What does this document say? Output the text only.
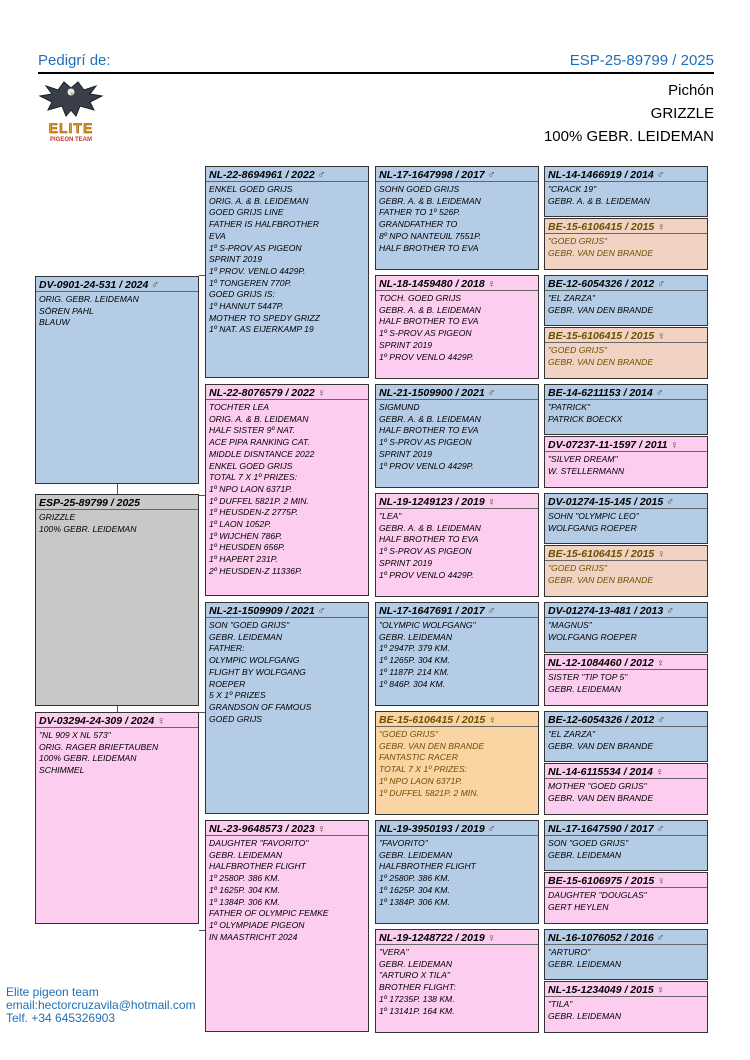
Pedigrí de:	ESP-25-89799 / 2025
Pichón
GRIZZLE
100% GEBR. LEIDEMAN
ELITE
PIGEON TEAM
DV-0901-24-531 / 2024 ♂
ORIG. GEBR. LEIDEMAN
SÖREN PAHL
BLAUW
ESP-25-89799 / 2025
GRIZZLE
100% GEBR. LEIDEMAN
DV-03294-24-309 / 2024 ♀
"NL 909 X NL 573"
ORIG. RAGER BRIEFTAUBEN
100% GEBR. LEIDEMAN
SCHIMMEL
NL-22-8694961 / 2022 ♂
ENKEL GOED GRIJS
ORIG. A. & B. LEIDEMAN
GOED GRIJS LINE
FATHER IS HALFBROTHER
EVA
1º S-PROV AS PIGEON
SPRINT 2019
1º PROV. VENLO 4429P.
1º TONGEREN 770P.
GOED GRIJS IS:
1º HANNUT 5447P.
MOTHER TO SPEDY GRIZZ
1º NAT. AS EIJERKAMP 19
NL-22-8076579 / 2022 ♀
TOCHTER LEA
ORIG. A. & B. LEIDEMAN
HALF SISTER 9º NAT.
ACE PIPA RANKING CAT.
MIDDLE DISNTANCE 2022
ENKEL GOED GRIJS
TOTAL 7 X 1º PRIZES:
1º NPO LAON 6371P.
1º DUFFEL 5821P. 2 MIN.
1º HEUSDEN-Z 2775P.
1º LAON 1052P.
1º WIJCHEN 786P.
1º HEUSDEN 656P.
1º HAPERT 231P.
2º HEUSDEN-Z 11336P.
NL-21-1509909 / 2021 ♂
SON "GOED GRIJS"
GEBR. LEIDEMAN
FATHER:
OLYMPIC WOLFGANG
FLIGHT BY WOLFGANG
ROEPER
5 X 1º PRIZES
GRANDSON OF FAMOUS
GOED GRIJS
NL-23-9648573 / 2023 ♀
DAUGHTER "FAVORITO"
GEBR. LEIDEMAN
HALFBROTHER FLIGHT
1º 2580P. 386 KM.
1º 1625P. 304 KM.
1º 1384P. 306 KM.
FATHER OF OLYMPIC FEMKE
1º OLYMPIADE PIGEON
IN MAASTRICHT 2024
NL-17-1647998 / 2017 ♂
SOHN GOED GRIJS
GEBR. A. & B. LEIDEMAN
FATHER TO 1º 526P.
GRANDFATHER TO
8º NPO NANTEUIL 7551P.
HALF BROTHER TO EVA
NL-18-1459480 / 2018 ♀
TOCH. GOED GRIJS
GEBR. A. & B. LEIDEMAN
HALF BROTHER TO EVA
1º S-PROV AS PIGEON
SPRINT 2019
1º PROV VENLO 4429P.
NL-21-1509900 / 2021 ♂
SIGMUND
GEBR. A. & B. LEIDEMAN
HALF BROTHER TO EVA
1º S-PROV AS PIGEON
SPRINT 2019
1º PROV VENLO 4429P.
NL-19-1249123 / 2019 ♀
"LEA"
GEBR. A. & B. LEIDEMAN
HALF BROTHER TO EVA
1º S-PROV AS PIGEON
SPRINT 2019
1º PROV VENLO 4429P.
NL-17-1647691 / 2017 ♂
"OLYMPIC WOLFGANG"
GEBR. LEIDEMAN
1º 2947P. 379 KM.
1º 1265P. 304 KM.
1º 1187P. 214 KM.
1º 846P. 304 KM.
BE-15-6106415 / 2015 ♀
"GOED GRIJS"
GEBR. VAN DEN BRANDE
FANTASTIC RACER
TOTAL 7 X 1º PRIZES:
1º NPO LAON 6371P.
1º DUFFEL 5821P. 2 MIN.
NL-19-3950193 / 2019 ♂
"FAVORITO"
GEBR. LEIDEMAN
HALFBROTHER FLIGHT
1º 2580P. 386 KM.
1º 1625P. 304 KM.
1º 1384P. 306 KM.
NL-19-1248722 / 2019 ♀
"VERA"
GEBR. LEIDEMAN
"ARTURO X TILA"
BROTHER FLIGHT:
1º 17235P. 138 KM.
1º 13141P. 164 KM.
NL-14-1466919 / 2014 ♂
"CRACK 19"
GEBR. A. & B. LEIDEMAN
BE-15-6106415 / 2015 ♀
"GOED GRIJS"
GEBR. VAN DEN BRANDE
BE-12-6054326 / 2012 ♂
"EL ZARZA"
GEBR. VAN DEN BRANDE
BE-15-6106415 / 2015 ♀
"GOED GRIJS"
GEBR. VAN DEN BRANDE
BE-14-6211153 / 2014 ♂
"PATRICK"
PATRICK BOECKX
DV-07237-11-1597 / 2011 ♀
"SILVER DREAM"
W. STELLERMANN
DV-01274-15-145 / 2015 ♂
SOHN "OLYMPIC LEO"
WOLFGANG ROEPER
BE-15-6106415 / 2015 ♀
"GOED GRIJS"
GEBR. VAN DEN BRANDE
DV-01274-13-481 / 2013 ♂
"MAGNUS"
WOLFGANG ROEPER
NL-12-1084460 / 2012 ♀
SISTER "TIP TOP 5"
GEBR. LEIDEMAN
BE-12-6054326 / 2012 ♂
"EL ZARZA"
GEBR. VAN DEN BRANDE
NL-14-6115534 / 2014 ♀
MOTHER "GOED GRIJS"
GEBR. VAN DEN BRANDE
NL-17-1647590 / 2017 ♂
SON "GOED GRIJS"
GEBR. LEIDEMAN
BE-15-6106975 / 2015 ♀
DAUGHTER "DOUGLAS"
GERT HEYLEN
NL-16-1076052 / 2016 ♂
"ARTURO"
GEBR. LEIDEMAN
NL-15-1234049 / 2015 ♀
"TILA"
GEBR. LEIDEMAN
Elite pigeon team
email:hectorcruzavila@hotmail.com
Telf. +34 645326903
